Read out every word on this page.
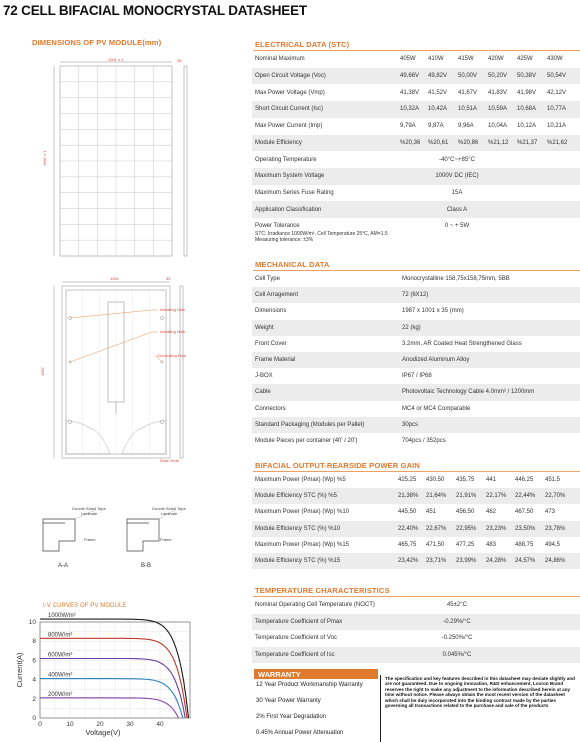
72 CELL BIFACIAL MONOCRYSTAL DATASHEET
DIMENSIONS OF PV MODULE(mm)
1001 ± 1
1987 ± 1
35
1987
1001	35
Installing Hole
Installing Hole
Grounding Hole
Drain Hole
Double Sided Tape
Laminate
Frame
Double Sided Tape
Laminate
Frame
A-A	B-B
I-V CURVES OF PV MODULE
1000W/m²
800W/m²
600W/m²
400W/m²
200W/m²
0	10	20	30	40
0
2
4
6
8
10
Voltage(V)
Current(A)
ELECTRICAL DATA (STC)
Nominal Maximum	405W 410W 415W 420W 425W 430W
Open Circuit Voltage (Voc)	49,66V 49,82V 50,00V 50,20V 50,38V 50,54V
Max Power Voltage (Vmp)	41,38V 41,52V 41,67V 41,83V 41,98V 42,12V
Short Circuit Current (Isc)	10,32A 10,42A 10,51A 10,59A 10,68A 10,77A
Max Power Current (Imp)	9,79A 9,87A 9,96A 10,04A 10,12A 10,21A
Module Efficiency	%20,36 %20,61 %20,86 %21,12 %21,37 %21,62
Operating Temperature	-40°C~+85°C
Maximum System Voltage	1000V DC (IEC)
Maximum Series Fuse Rating	15A
Application Classification	Class A
Power Tolerance	0 ~ + 5W
STC: Irradiance 1000W/m², Cell Temperature 25°C, AM=1.5
Measuring tolerance: ±3%
MECHANICAL DATA
Cell Type	Monocrystalline 158,75x158,75mm, 5BB
Cell Arragement	72 (6X12)
Dimensions	1987 x 1001 x 35 (mm)
Weight	22 (kg)
Front Cover	3.2mm, AR Coated Heat Strengthened Glass
Frame Material	Anodized Aluminum Alloy
J-BOX	IP67 / IP68
Cable	Photovoltaic Technology Cable 4.0mm² / 1200mm
Connectors	MC4 or MC4 Comparable
Standard Packaging (Modules per Pallet)	30pcs
Module Pieces per container (40' / 20')	704pcs / 352pcs
BIFACIAL OUTPUT-REARSIDE POWER GAIN
Maximum Power (Pmax) (Wp) %5	425,25 430,50 435,75 441	446,25 451,5
Module Efficiency STC (%) %5	21,38% 21,64% 21,91% 22,17% 22,44% 22,70%
Maximum Power (Pmax) (Wp) %10	445,50 451	456,50 462	467,50 473
Module Efficiency STC (%) %10	22,40% 22,67% 22,95% 23,23% 23,50% 23,78%
Maximum Power (Pmax) (Wp) %15	465,75 471,50 477,25 483	488,75 494,5
Module Efficiency STC (%) %15	23,42% 23,71% 23,99% 24,28% 24,57% 24,86%
TEMPERATURE CHARACTERISTICS
Nominal Operating Cell Temperature (NOCT)	45±2°C
Temperature Coefficient of Pmax	-0.29%/°C
Temperature Coefficient of Voc	-0.250%/°C
Temperature Coefficient of Isc	0.045%/°C
WARRANTY
12 Year Product Workmanship Warranty
30 Year Power Warranty
2% First Year Degradation
0.45% Annual Power Attenuation
The specification and key features described in this datasheet may deviate slightly and are not guaranteed. Due to ongoing innovation, R&D enhancement, Loxron Brand reserves the right to make any adjustment to the information described herein at any time without notice. Please always obtain the most recent version of the datasheet which shall be duly incorporated into the binding contract made by the parties governing all transactions related to the purchase and sale of the products
